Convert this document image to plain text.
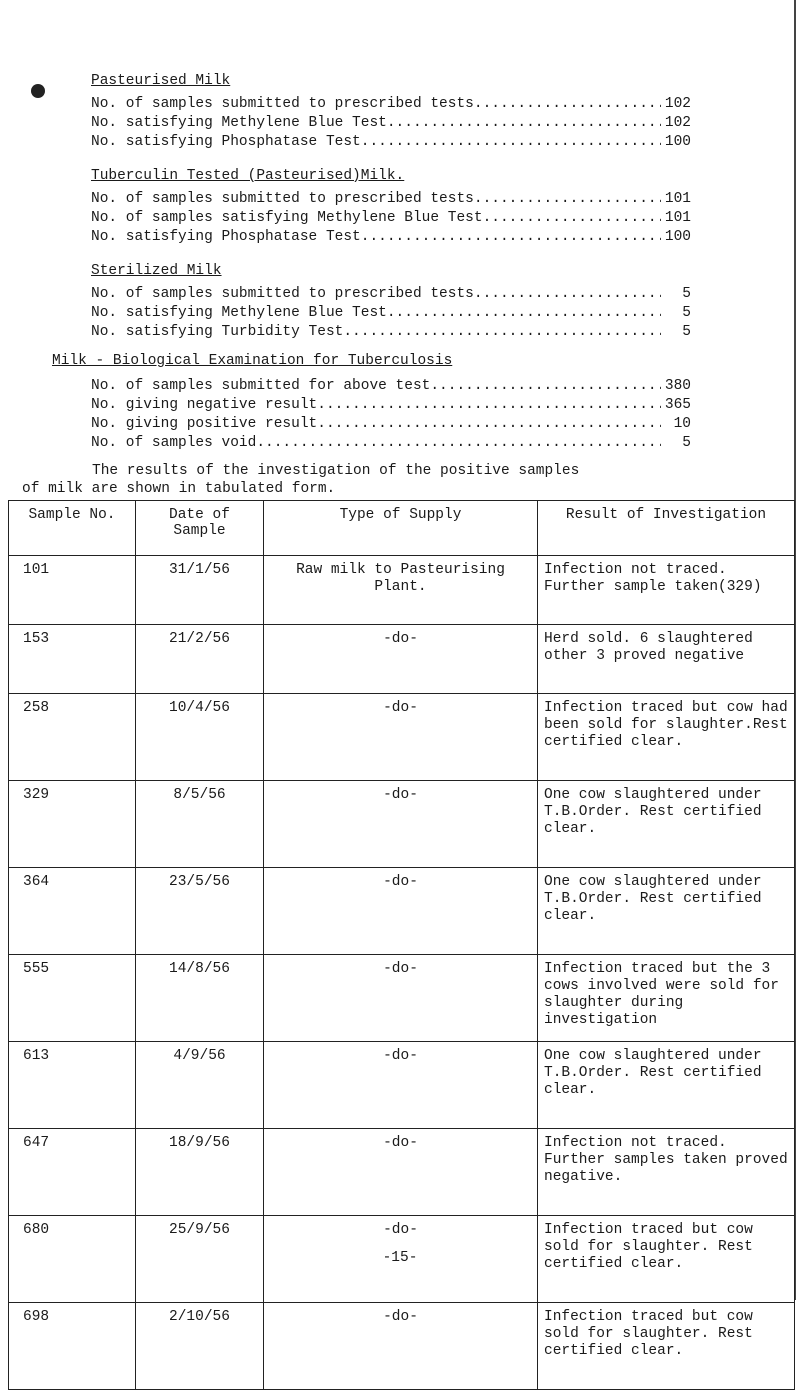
Pasteurised Milk
No. of samples submitted to prescribed tests .....	102
No. satisfying Methylene Blue Test .....	102
No. satisfying Phosphatase Test .....	100
Tuberculin Tested (Pasteurised)Milk.
No. of samples submitted to prescribed tests .....	101
No. of samples satisfying Methylene Blue Test .....	101
No. satisfying Phosphatase Test .....	100
Sterilized Milk
No. of samples submitted to prescribed tests .....	5
No. satisfying Methylene Blue Test .....	5
No. satisfying Turbidity Test .....	5
Milk - Biological Examination for Tuberculosis
No. of samples submitted for above test .....	380
No. giving negative result .....	365
No. giving positive result .....	10
No. of samples void .....	5
The results of the investigation of the positive samples
of milk are shown in tabulated form.
Sample No.	Date of Sample	Type of Supply	Result of Investigation
101	31/1/56	Raw milk to Pasteurising Plant.	Infection not traced. Further sample taken(329)
153	21/2/56	-do-	Herd sold. 6 slaughtered other 3 proved negative
258	10/4/56	-do-	Infection traced but cow had been sold for slaughter.Rest certified clear.
329	8/5/56	-do-	One cow slaughtered under T.B.Order. Rest certified clear.
364	23/5/56	-do-	One cow slaughtered under T.B.Order. Rest certified clear.
555	14/8/56	-do-	Infection traced but the 3 cows involved were sold for slaughter during investigation
613	4/9/56	-do-	One cow slaughtered under T.B.Order. Rest certified clear.
647	18/9/56	-do-	Infection not traced. Further samples taken proved negative.
680	25/9/56	-do-	Infection traced but cow sold for slaughter. Rest certified clear.
698	2/10/56	-do-	Infection traced but cow sold for slaughter. Rest certified clear.
-15-
